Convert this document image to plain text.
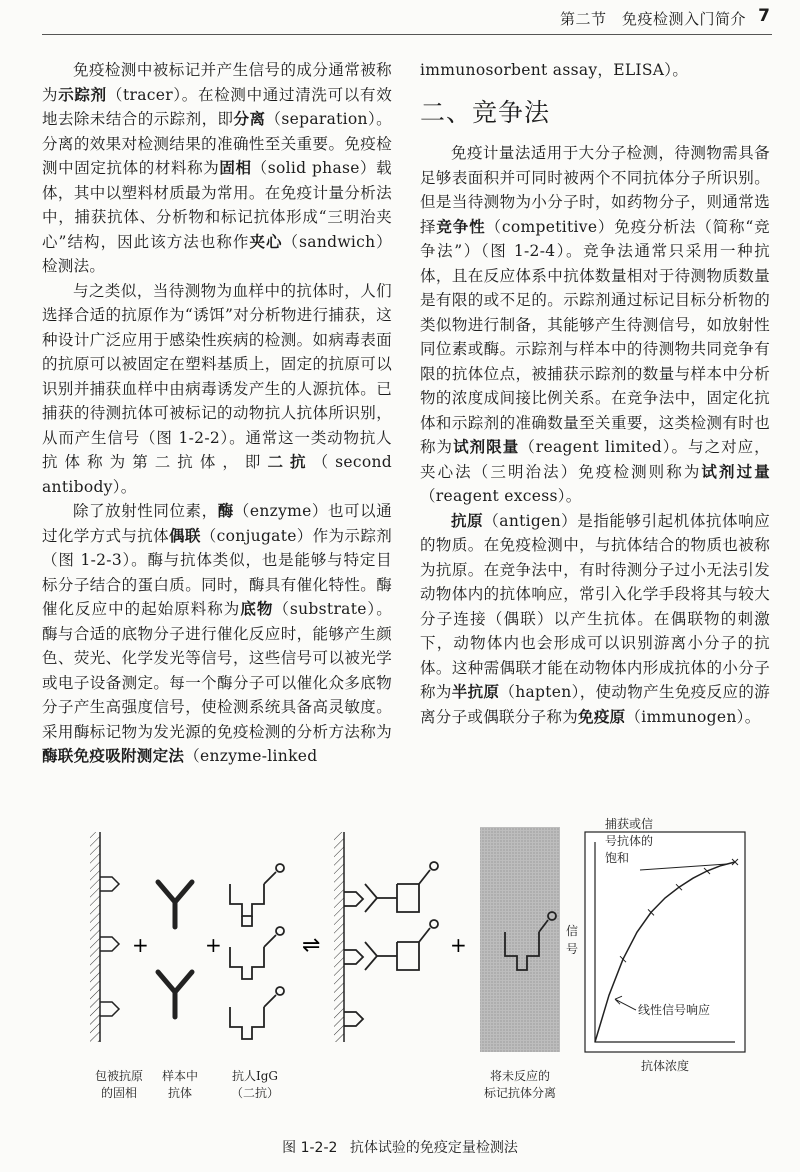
第二节　免疫检测入门简介 7

免疫检测中被标记并产生信号的成分通常被称为示踪剂（tracer）。在检测中通过清洗可以有效地去除未结合的示踪剂，即分离（separation）。分离的效果对检测结果的准确性至关重要。免疫检测中固定抗体的材料称为固相（solid phase）载体，其中以塑料材质最为常用。在免疫计量分析法中，捕获抗体、分析物和标记抗体形成“三明治夹心”结构，因此该方法也称作夹心（sandwich）检测法。

与之类似，当待测物为血样中的抗体时，人们选择合适的抗原作为“诱饵”对分析物进行捕获，这种设计广泛应用于感染性疾病的检测。如病毒表面的抗原可以被固定在塑料基质上，固定的抗原可以识别并捕获血样中由病毒诱发产生的人源抗体。已捕获的待测抗体可被标记的动物抗人抗体所识别，从而产生信号（图 1-2-2）。通常这一类动物抗人抗体称为第二抗体，即二抗（second antibody）。

除了放射性同位素，酶（enzyme）也可以通过化学方式与抗体偶联（conjugate）作为示踪剂（图 1-2-3）。酶与抗体类似，也是能够与特定目标分子结合的蛋白质。同时，酶具有催化特性。酶催化反应中的起始原料称为底物（substrate）。酶与合适的底物分子进行催化反应时，能够产生颜色、荧光、化学发光等信号，这些信号可以被光学或电子设备测定。每一个酶分子可以催化众多底物分子产生高强度信号，使检测系统具备高灵敏度。采用酶标记物为发光源的免疫检测的分析方法称为酶联免疫吸附测定法（enzyme-linked

immunosorbent assay，ELISA）。

二、竞争法

免疫计量法适用于大分子检测，待测物需具备足够表面积并可同时被两个不同抗体分子所识别。但是当待测物为小分子时，如药物分子，则通常选择竞争性（competitive）免疫分析法（简称“竞争法”）（图 1-2-4）。竞争法通常只采用一种抗体，且在反应体系中抗体数量相对于待测物质数量是有限的或不足的。示踪剂通过标记目标分析物的类似物进行制备，其能够产生待测信号，如放射性同位素或酶。示踪剂与样本中的待测物共同竞争有限的抗体位点，被捕获示踪剂的数量与样本中分析物的浓度成间接比例关系。在竞争法中，固定化抗体和示踪剂的准确数量至关重要，这类检测有时也称为试剂限量（reagent limited）。与之对应，夹心法（三明治法）免疫检测则称为试剂过量（reagent excess）。

抗原（antigen）是指能够引起机体抗体响应的物质。在免疫检测中，与抗体结合的物质也被称为抗原。在竞争法中，有时待测分子过小无法引发动物体内的抗体响应，常引入化学手段将其与较大分子连接（偶联）以产生抗体。在偶联物的刺激下，动物体内也会形成可以识别游离小分子的抗体。这种需偶联才能在动物体内形成抗体的小分子称为半抗原（hapten），使动物产生免疫反应的游离分子或偶联分子称为免疫原（immunogen）。

+	+	⇌	+
包被抗原
的固相
样本中
抗体
抗人IgG
（二抗）
将未反应的
标记抗体分离
捕获或信
号抗体的
饱和
线性信号响应
抗体浓度
信
号
图 1-2-2 抗体试验的免疫定量检测法
